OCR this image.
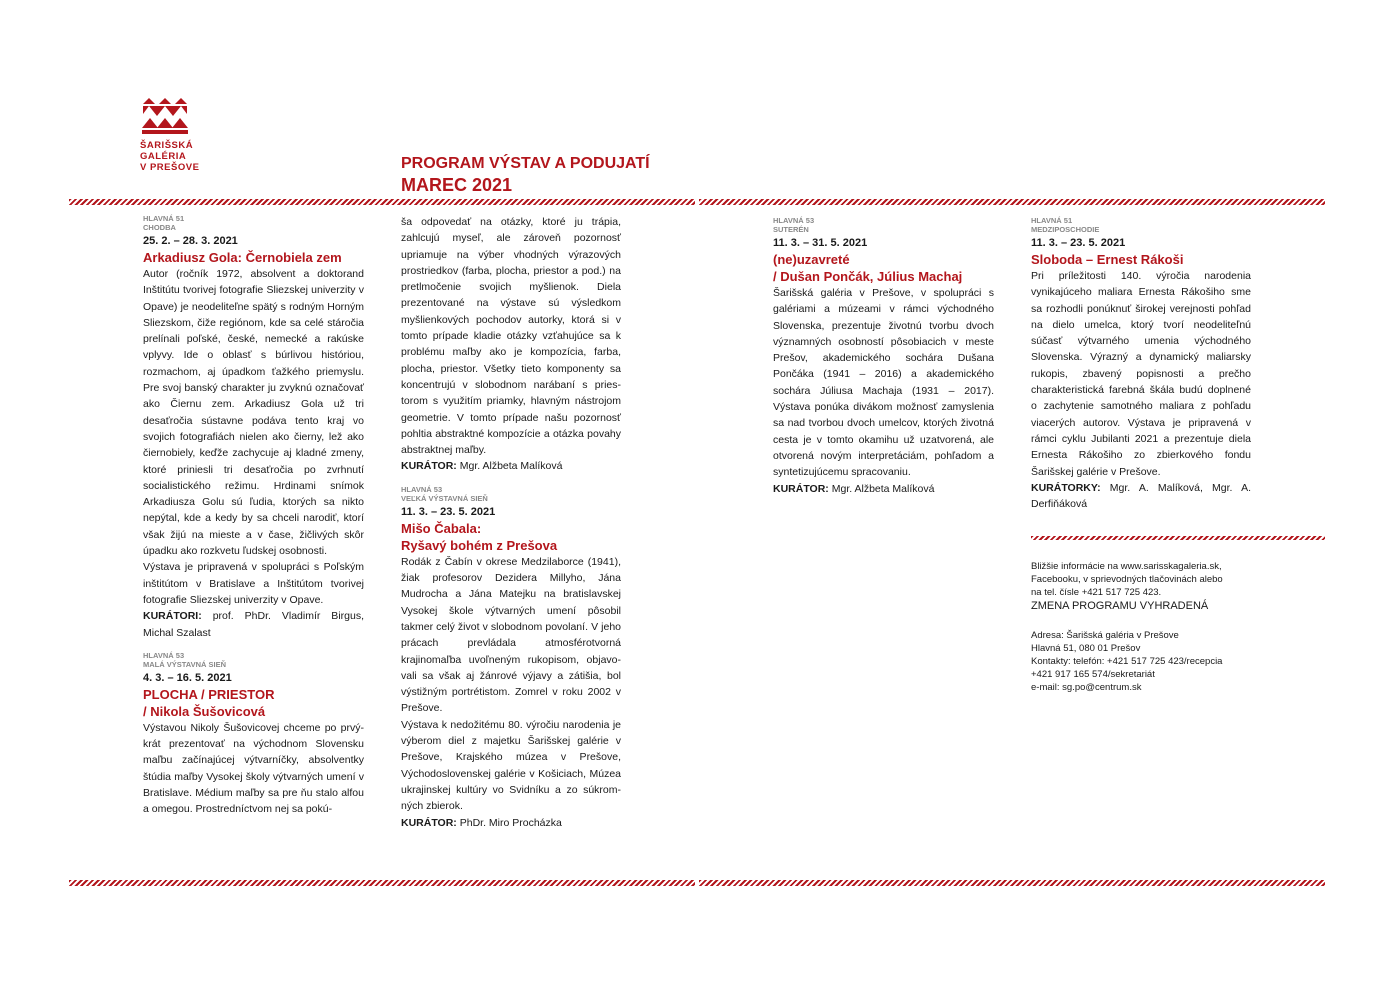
ŠARIŠSKÁ
GALÉRIA
V PREŠOVE	PROGRAM VÝSTAV A PODUJATÍ
MAREC 2021
HLAVNÁ 51
CHODBA
25. 2. – 28. 3. 2021
Arkadiusz Gola: Černobiela zem

Autor (ročník 1972, absolvent a doktorand Inštitútu tvorivej fotografie Sliezskej univerzity v Opave) je neodeliteľne spätý s rodným Horným Sliezskom, čiže regiónom, kde sa celé stáročia prelínali poľské, české, nemecké a rakúske vplyvy. Ide o oblasť s búrlivou históriou, rozmachom, aj úpadkom ťažkého priemyslu. Pre svoj banský charakter ju zvyknú označovať ako Čiernu zem. Arkadiusz Gola už tri desaťročia sústavne podáva tento kraj vo svojich fotografiách nielen ako čierny, lež ako čiernobiely, keďže zachycuje aj kladné zmeny, ktoré priniesli tri desaťročia po zvrhnutí socialistického režimu. Hrdinami snímok Arkadiusza Golu sú ľudia, ktorých sa nikto nepýtal, kde a kedy by sa chceli narodiť, ktorí však žijú na mieste a v čase, žičlivých skôr úpadku ako rozkvetu ľudskej osobnosti.

Výstava je pripravená v spolupráci s Poľským inštitútom v Bratislave a Inštitútom tvorivej fotografie Sliezskej univerzity v Opave.

KURÁTORI: prof. PhDr. Vladimír Birgus, Michal Szalast
HLAVNÁ 53
MALÁ VÝSTAVNÁ SIEŇ
4. 3. – 16. 5. 2021
PLOCHA / PRIESTOR
/ Nikola Šušovicová

Výstavou Nikoly Šušovicovej chceme po prvý-krát prezentovať na východnom Slovensku maľbu začínajúcej výtvarníčky, absolventky štúdia maľby Vysokej školy výtvarných umení v Bratislave. Médium maľby sa pre ňu stalo alfou a omegou. Prostredníctvom nej sa pokú-

ša odpovedať na otázky, ktoré ju trápia, zahlcujú myseľ, ale zároveň pozornosť upriamuje na výber vhodných výrazových prostriedkov (farba, plocha, priestor a pod.) na pretlmočenie svojich myšlienok. Diela prezentované na výstave sú výsledkom myšlienkových pochodov autorky, ktorá si v tomto prípade kladie otázky vzťahujúce sa k problému maľby ako je kompozícia, farba, plocha, priestor. Všetky tieto komponenty sa koncentrujú v slobodnom narábaní s pries-torom s využitím priamky, hlavným nástrojom geometrie. V tomto prípade našu pozornosť pohltia abstraktné kompozície a otázka povahy abstraktnej maľby.

KURÁTOR: Mgr. Alžbeta Malíková
HLAVNÁ 53
VEĽKÁ VÝSTAVNÁ SIEŇ
11. 3. – 23. 5. 2021
Mišo Čabala:
Ryšavý bohém z Prešova

Rodák z Čabín v okrese Medzilaborce (1941), žiak profesorov Dezidera Millyho, Jána Mudrocha a Jána Matejku na bratislavskej Vysokej škole výtvarných umení pôsobil takmer celý život v slobodnom povolaní. V jeho prácach prevládala atmosférotvorná krajinomaľba uvoľneným rukopisom, objavo-vali sa však aj žánrové výjavy a zátišia, bol výstižným portrétistom. Zomrel v roku 2002 v Prešove.

Výstava k nedožitému 80. výročiu narodenia je výberom diel z majetku Šarišskej galérie v Prešove, Krajského múzea v Prešove, Východoslovenskej galérie v Košiciach, Múzea ukrajinskej kultúry vo Svidníku a zo súkrom-ných zbierok.

KURÁTOR: PhDr. Miro Procházka
HLAVNÁ 53
SUTERÉN
11. 3. – 31. 5. 2021
(ne)uzavreté
/ Dušan Pončák, Július Machaj

Šarišská galéria v Prešove, v spolupráci s galériami a múzeami v rámci východného Slovenska, prezentuje životnú tvorbu dvoch významných osobností pôsobiacich v meste Prešov, akademického sochára Dušana Pončáka (1941 – 2016) a akademického sochára Júliusa Machaja (1931 – 2017). Výstava ponúka divákom možnosť zamyslenia sa nad tvorbou dvoch umelcov, ktorých životná cesta je v tomto okamihu už uzatvorená, ale otvorená novým interpretáciám, pohľadom a syntetizujúcemu spracovaniu.

KURÁTOR: Mgr. Alžbeta Malíková
HLAVNÁ 51
MEDZIPOSCHODIE
11. 3. – 23. 5. 2021
Sloboda – Ernest Rákoši

Pri príležitosti 140. výročia narodenia vynikajúceho maliara Ernesta Rákošiho sme sa rozhodli ponúknuť širokej verejnosti pohľad na dielo umelca, ktorý tvorí neodeliteľnú súčasť výtvarného umenia východného Slovenska. Výrazný a dynamický maliarsky rukopis, zbavený popisnosti a prečho charakteristická farebná škála budú doplnené o zachytenie samotného maliara z pohľadu viacerých autorov. Výstava je pripravená v rámci cyklu Jubilanti 2021 a prezentuje diela Ernesta Rákošiho zo zbierkového fondu Šarišskej galérie v Prešove.

KURÁTORKY: Mgr. A. Malíková, Mgr. A. Derfiňáková
Bližšie informácie na www.sarisskagaleria.sk,
Facebooku, v sprievodných tlačovinách alebo
na tel. čísle +421 517 725 423.
ZMENA PROGRAMU VYHRADENÁ
Adresa: Šarišská galéria v Prešove
Hlavná 51, 080 01 Prešov
Kontakty: telefón: +421 517 725 423/recepcia
+421 917 165 574/sekretariát
e-mail: sg.po@centrum.sk
